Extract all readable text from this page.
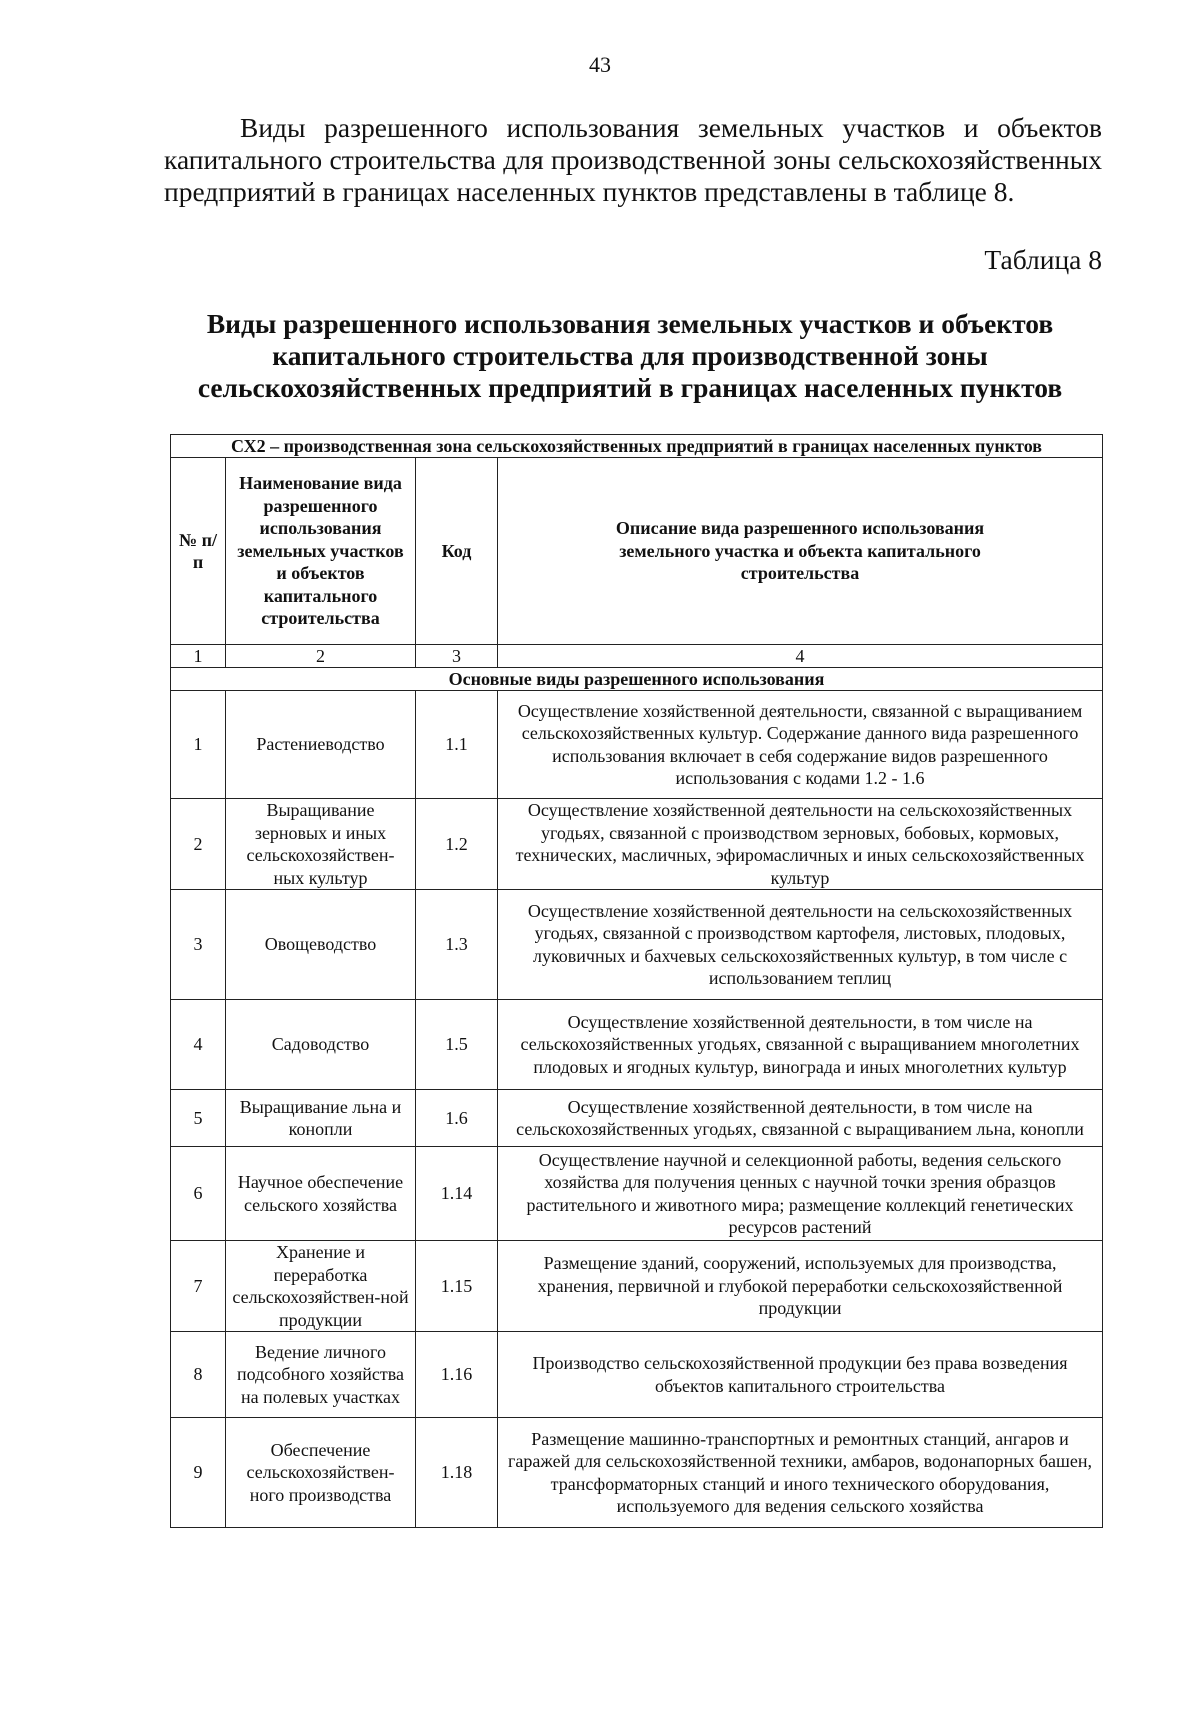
43

Виды разрешенного использования земельных участков и объектов капитального строительства для производственной зоны сельскохозяйственных предприятий в границах населенных пунктов представлены в таблице 8.

Таблица 8
Виды разрешенного использования земельных участков и объектов капитального строительства для производственной зоны сельскохозяйственных предприятий в границах населенных пунктов
СХ2 – производственная зона сельскохозяйственных предприятий в границах населенных пунктов			
№ п/п	Наименование вида разрешенного использования земельных участков и объектов капитального строительства	Код	Описание вида разрешенного использования земельного участка и объекта капитального строительства
1	2	3	4
Основные виды разрешенного использования			
1	Растениеводство	1.1	Осуществление хозяйственной деятельности, связанной с выращиванием сельскохозяйственных культур. Содержание данного вида разрешенного использования включает в себя содержание видов разрешенного использования с кодами 1.2 - 1.6
2	Выращивание зерновых и иных сельскохозяйствен-ных культур	1.2	Осуществление хозяйственной деятельности на сельскохозяйственных угодьях, связанной с производством зерновых, бобовых, кормовых, технических, масличных, эфиромасличных и иных сельскохозяйственных культур
3	Овощеводство	1.3	Осуществление хозяйственной деятельности на сельскохозяйственных угодьях, связанной с производством картофеля, листовых, плодовых, луковичных и бахчевых сельскохозяйственных культур, в том числе с использованием теплиц
4	Садоводство	1.5	Осуществление хозяйственной деятельности, в том числе на сельскохозяйственных угодьях, связанной с выращиванием многолетних плодовых и ягодных культур, винограда и иных многолетних культур
5	Выращивание льна и конопли	1.6	Осуществление хозяйственной деятельности, в том числе на сельскохозяйственных угодьях, связанной с выращиванием льна, конопли
6	Научное обеспечение сельского хозяйства	1.14	Осуществление научной и селекционной работы, ведения сельского хозяйства для получения ценных с научной точки зрения образцов растительного и животного мира; размещение коллекций генетических ресурсов растений
7	Хранение и переработка сельскохозяйствен-ной продукции	1.15	Размещение зданий, сооружений, используемых для производства, хранения, первичной и глубокой переработки сельскохозяйственной продукции
8	Ведение личного подсобного хозяйства на полевых участках	1.16	Производство сельскохозяйственной продукции без права возведения объектов капитального строительства
9	Обеспечение сельскохозяйствен-ного производства	1.18	Размещение машинно-транспортных и ремонтных станций, ангаров и гаражей для сельскохозяйственной техники, амбаров, водонапорных башен, трансформаторных станций и иного технического оборудования, используемого для ведения сельского хозяйства
